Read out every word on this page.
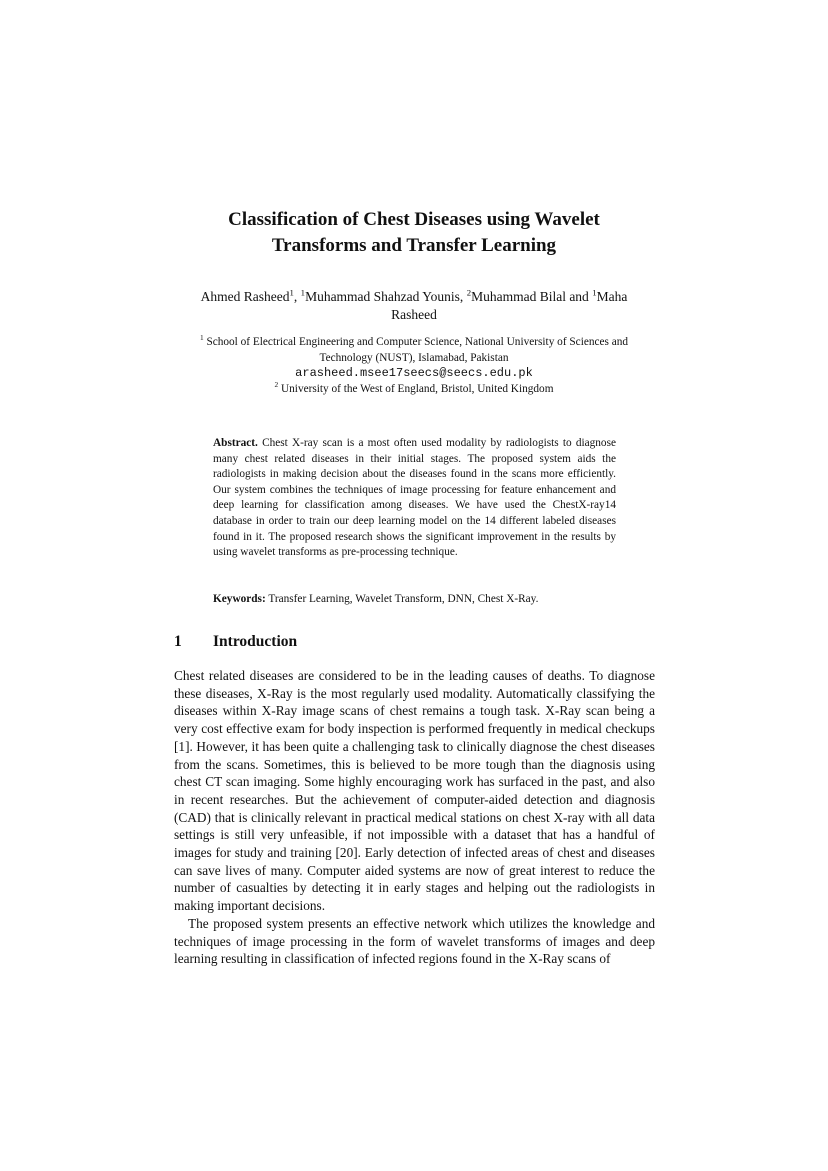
Classification of Chest Diseases using Wavelet
Transforms and Transfer Learning
Ahmed Rasheed$^1$, $^1$Muhammad Shahzad Younis, $^2$Muhammad Bilal and $^1$Maha
Rasheed
$^1$ School of Electrical Engineering and Computer Science, National University of Sciences and
Technology (NUST), Islamabad, Pakistan
arasheed.msee17seecs@seecs.edu.pk
$^2$ University of the West of England, Bristol, United Kingdom
Abstract. Chest X-ray scan is a most often used modality by radiologists to diagnose many chest related diseases in their initial stages. The proposed system aids the radiologists in making decision about the diseases found in the scans more efficiently. Our system combines the techniques of image processing for feature enhancement and deep learning for classification among diseases. We have used the ChestX-ray14 database in order to train our deep learning model on the 14 different labeled diseases found in it. The proposed research shows the significant improvement in the results by using wavelet transforms as pre-processing technique.
Keywords: Transfer Learning, Wavelet Transform, DNN, Chest X-Ray.
1 Introduction

Chest related diseases are considered to be in the leading causes of deaths. To diagnose these diseases, X-Ray is the most regularly used modality. Automatically classifying the diseases within X-Ray image scans of chest remains a tough task. X-Ray scan being a very cost effective exam for body inspection is performed frequently in medical checkups [1]. However, it has been quite a challenging task to clinically diagnose the chest diseases from the scans. Sometimes, this is believed to be more tough than the diagnosis using chest CT scan imaging. Some highly encouraging work has surfaced in the past, and also in recent researches. But the achievement of computer-aided detection and diagnosis (CAD) that is clinically relevant in practical medical stations on chest X-​ray with all data settings is still very unfeasible, if not impossible with a dataset that has a handful of images for study and training [20]. Early detection of infected areas of chest and diseases can save lives of many. Computer aided systems are now of great interest to reduce the number of casualties by detecting it in early stages and helping out the radiologists in making important decisions.

The proposed system presents an effective network which utilizes the knowledge and techniques of image processing in the form of wavelet transforms of images and deep learning resulting in classification of infected regions found in the X-Ray scans of
